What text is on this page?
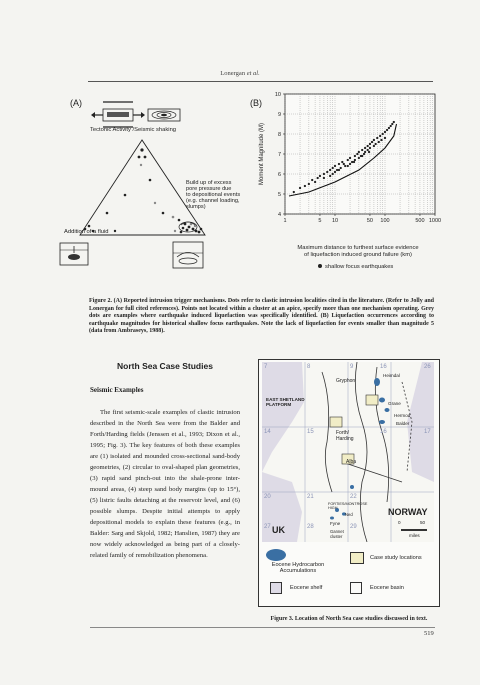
Lonergan et al.
(A)
Tectonic Activity /Seismic shaking
Build up of excess
pore pressure due
to depositional events
(e.g. channel loading,
slumps)
Addition of a fluid
(B)
1	5 10	50 100	500 1000
4
5
6
7
8
9
10
Moment Magnitude (M)
Maximum distance to furthest surface evidence
of liquefaction induced ground failure (km)
shallow focus earthquakes
Figure 2. (A) Reported intrusion trigger mechanisms. Dots refer to clastic intrusion localities cited in the literature. (Refer to Jolly and Lonergan for full cited references). Points not located within a cluster at an apice, specify more than one mechanism operating. Grey dots are examples where earthquake induced liquefaction was specifically identified. (B) Liquefaction occurrences according to earthquake magnitudes for historical shallow focus earthquakes. Note the lack of liquefaction for events smaller than magnitude 5 (data from Ambraseys, 1988).
North Sea Case Studies
Seismic Examples

The first seismic-scale examples of clastic intrusion described in the North Sea were from the Balder and Forth/Harding fields (Jenssen et al., 1993; Dixon et al., 1995; Fig. 3). The key features of both these examples are (1) isolated and mounded cross-sectional sand-body geometries, (2) circular to oval-shaped plan geometries, (3) rapid sand pinch-out into the shale-prone inter-mound areas, (4) steep sand body margins (up to 15°), (5) listric faults detaching at the reservoir level, and (6) possible slumps. Despite initial attempts to apply depositional models to explain these features (e.g., in Balder: Sarg and Skjold, 1982; Hanslien, 1987) they are now widely acknowledged as being part of a closely-related family of remobilization phenomena.

7	8	9	16	26
14	15	16	17
20	21	22
27	28	29
Gryphon
EAST SHETLAND
PLATFORM
Heimdal
Grane
Hermod
Balder
Forth/
Harding
Alba
FORTIES/MONTROSE HIGH
Ned
Fyne
Gannet
cluster
NORWAY
UK
0	50
miles
Eocene Hydrocarbon
Accumulations
Case study locations
Eocene shelf	Eocene basin
Figure 3. Location of North Sea case studies discussed in text.
519
